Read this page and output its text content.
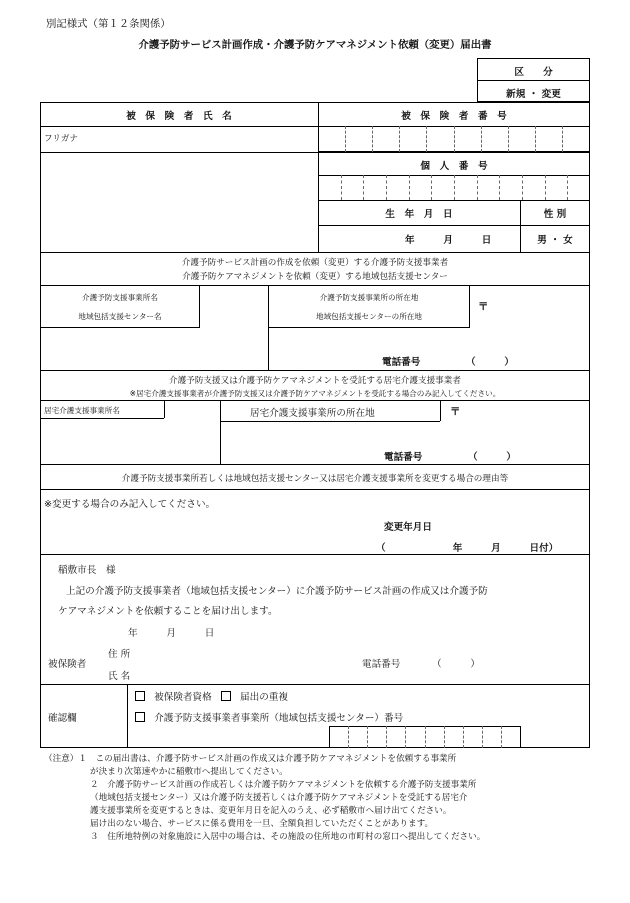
別記様式（第１２条関係）
介護予防サービス計画作成・介護予防ケアマネジメント依頼（変更）届出書
区　　分
新規 ・ 変更
被　保　険　者　氏　名	被　保　険　者　番　号
フリガナ
個　人　番　号
生　年　月　日	性 別
年　　　月　　　日	男 ・ 女
介護予防サービス計画の作成を依頼（変更）する介護予防支援事業者
介護予防ケアマネジメントを依頼（変更）する地域包括支援センター
介護予防支援事業所名
地域包括支援センター名
介護予防支援事業所の所在地
地域包括支援センターの所在地
〒
電話番号	（　　　）
介護予防支援又は介護予防ケアマネジメントを受託する居宅介護支援事業者
※居宅介護支援事業者が介護予防支援又は介護予防ケアマネジメントを受託する場合のみ記入してください。
居宅介護支援事業所名	居宅介護支援事業所の所在地	〒
電話番号	（　　　）
介護予防支援事業所若しくは地域包括支援センター又は居宅介護支援事業所を変更する場合の理由等
※変更する場合のみ記入してください。
変更年月日
（　　　　　　　年　　　月　　　日付）
稲敷市長　様
上記の介護予防支援事業者（地域包括支援センター）に介護予防サービス計画の作成又は介護予防
ケアマネジメントを依頼することを届け出します。
年　　　月　　　日
被保険者
住 所
氏 名
電話番号	（　　　）
確認欄
被保険者資格	届出の重複
介護予防支援事業者事業所（地域包括支援センター）番号
（注意）１　この届出書は、介護予防サービス計画の作成又は介護予防ケアマネジメントを依頼する事業所
が決まり次第速やかに稲敷市へ提出してください。
２　介護予防サービス計画の作成若しくは介護予防ケアマネジメントを依頼する介護予防支援事業所
（地域包括支援センター）又は介護予防支援若しくは介護予防ケアマネジメントを受託する居宅介
護支援事業所を変更するときは、変更年月日を記入のうえ、必ず稲敷市へ届け出てください。
届け出のない場合、サービスに係る費用を一旦、全額負担していただくことがあります。
３　住所地特例の対象施設に入居中の場合は、その施設の住所地の市町村の窓口へ提出してください。
